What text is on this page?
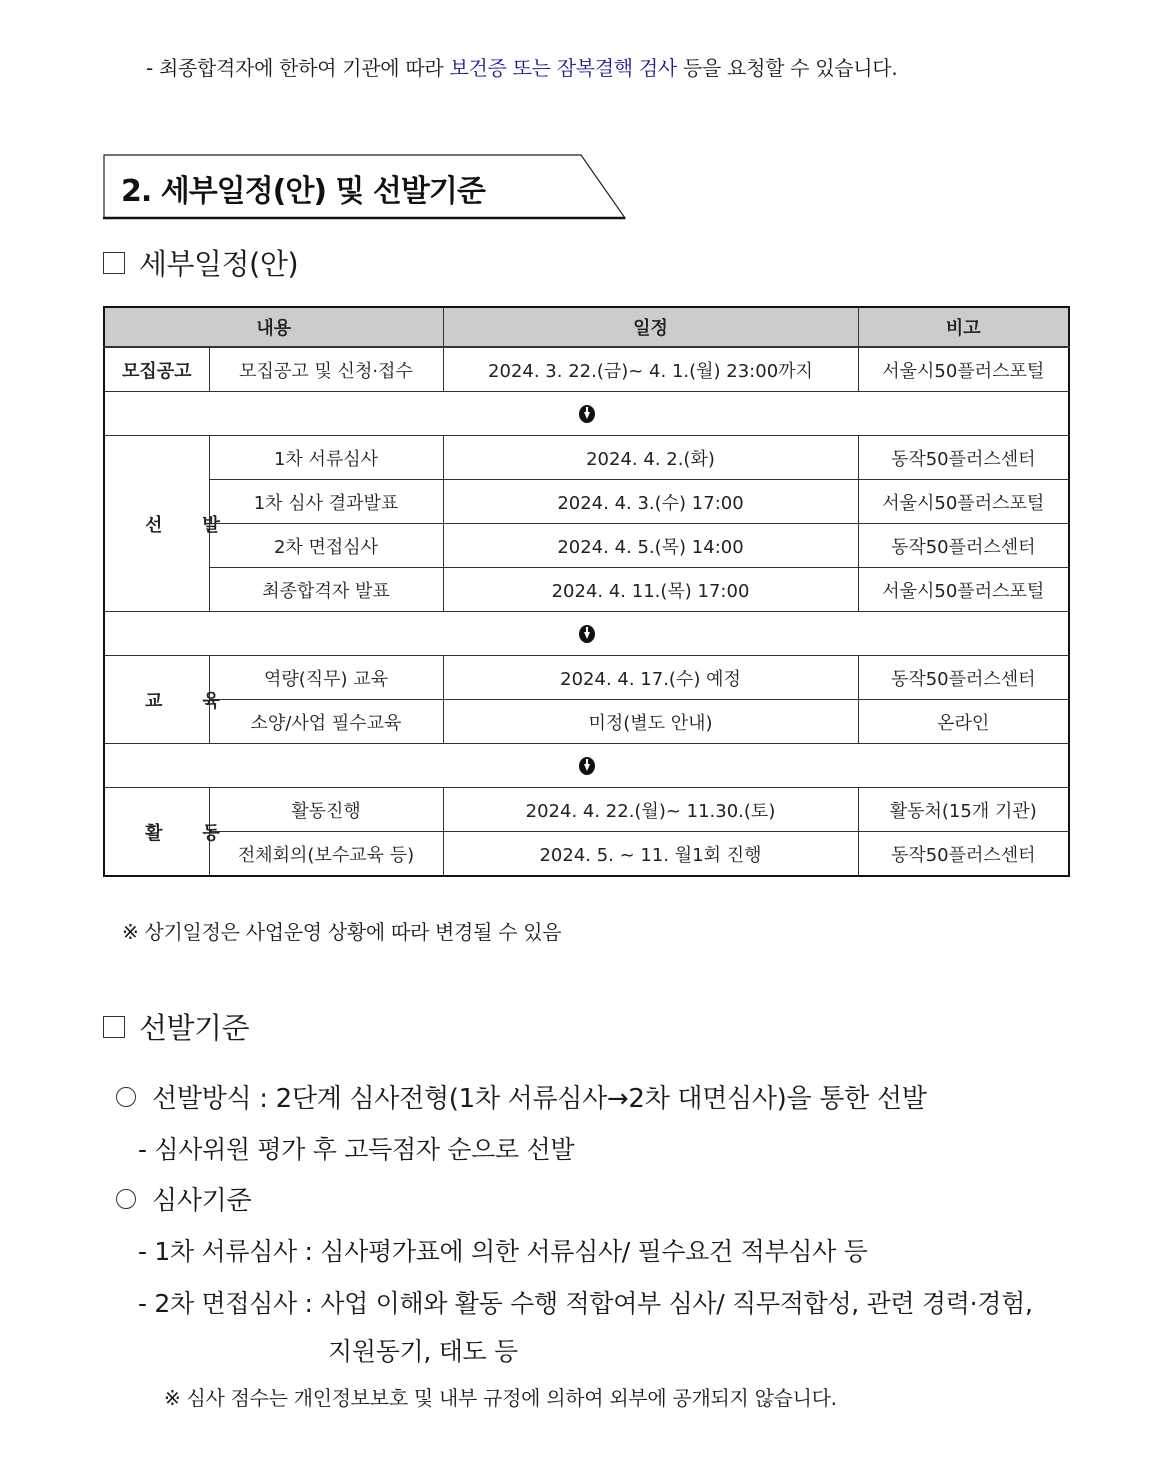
- 최종합격자에 한하여 기관에 따라 보건증 또는 잠복결핵 검사 등을 요청할 수 있습니다.
2. 세부일정(안) 및 선발기준
세부일정(안)
내용		일정	비고
모집공고	모집공고 및 신청·접수	2024. 3. 22.(금)~ 4. 1.(월) 23:00까지	서울시50플러스포털

선발	1차 서류심사	2024. 4. 2.(화)	동작50플러스센터
	1차 심사 결과발표	2024. 4. 3.(수) 17:00	서울시50플러스포털
	2차 면접심사	2024. 4. 5.(목) 14:00	동작50플러스센터
	최종합격자 발표	2024. 4. 11.(목) 17:00	서울시50플러스포털

교육	역량(직무) 교육	2024. 4. 17.(수) 예정	동작50플러스센터
	소양/사업 필수교육	미정(별도 안내)	온라인

활동	활동진행	2024. 4. 22.(월)~ 11.30.(토)	활동처(15개 기관)
	전체회의(보수교육 등)	2024. 5. ~ 11. 월1회 진행	동작50플러스센터
※ 상기일정은 사업운영 상황에 따라 변경될 수 있음
선발기준
선발방식 : 2단계 심사전형(1차 서류심사→2차 대면심사)을 통한 선발
- 심사위원 평가 후 고득점자 순으로 선발
심사기준
- 1차 서류심사 : 심사평가표에 의한 서류심사/ 필수요건 적부심사 등
- 2차 면접심사 : 사업 이해와 활동 수행 적합여부 심사/ 직무적합성, 관련 경력·경험,
지원동기, 태도 등
※ 심사 점수는 개인정보보호 및 내부 규정에 의하여 외부에 공개되지 않습니다.
